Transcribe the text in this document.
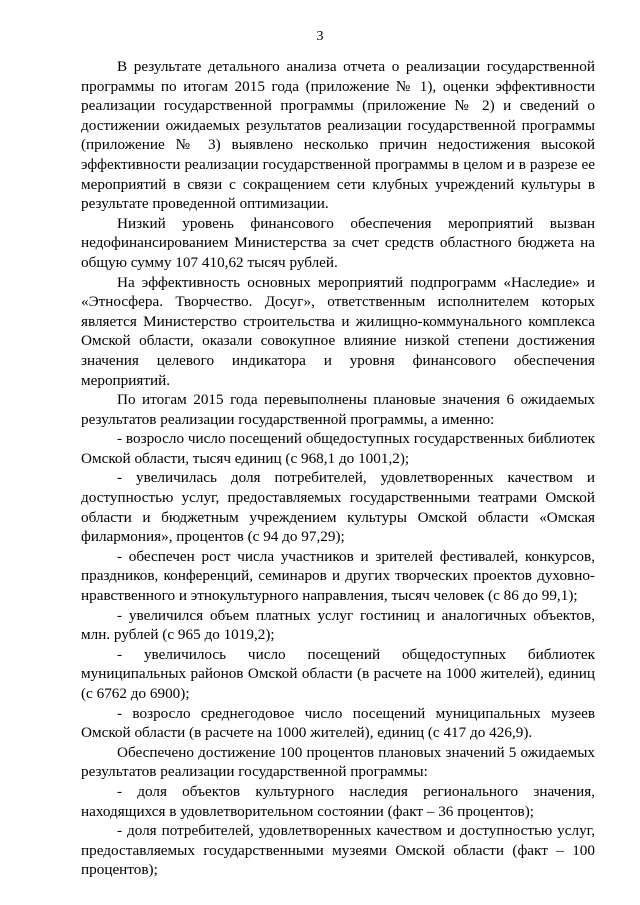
3

В результате детального анализа отчета о реализации государственной программы по итогам 2015 года (приложение № 1), оценки эффективности реализации государственной программы (приложение № 2) и сведений о достижении ожидаемых результатов реализации государственной программы (приложение № 3) выявлено несколько причин недостижения высокой эффективности реализации государственной программы в целом и в разрезе ее мероприятий в связи с сокращением сети клубных учреждений культуры в результате проведенной оптимизации.

Низкий уровень финансового обеспечения мероприятий вызван недофинансированием Министерства за счет средств областного бюджета на общую сумму 107 410,62 тысяч рублей.

На эффективность основных мероприятий подпрограмм «Наследие» и «Этносфера. Творчество. Досуг», ответственным исполнителем которых является Министерство строительства и жилищно-коммунального комплекса Омской области, оказали совокупное влияние низкой степени достижения значения целевого индикатора и уровня финансового обеспечения мероприятий.

По итогам 2015 года перевыполнены плановые значения 6 ожидаемых результатов реализации государственной программы, а именно:

- возросло число посещений общедоступных государственных библиотек Омской области, тысяч единиц (с 968,1 до 1001,2);

- увеличилась доля потребителей, удовлетворенных качеством и доступностью услуг, предоставляемых государственными театрами Омской области и бюджетным учреждением культуры Омской области «Омская филармония», процентов (с 94 до 97,29);

- обеспечен рост числа участников и зрителей фестивалей, конкурсов, праздников, конференций, семинаров и других творческих проектов духовно-нравственного и этнокультурного направления, тысяч человек (с 86 до 99,1);

- увеличился объем платных услуг гостиниц и аналогичных объектов, млн. рублей (с 965 до 1019,2);

- увеличилось число посещений общедоступных библиотек муниципальных районов Омской области (в расчете на 1000 жителей), единиц (с 6762 до 6900);

- возросло среднегодовое число посещений муниципальных музеев Омской области (в расчете на 1000 жителей), единиц (с 417 до 426,9).

Обеспечено достижение 100 процентов плановых значений 5 ожидаемых результатов реализации государственной программы:

- доля объектов культурного наследия регионального значения, находящихся в удовлетворительном состоянии (факт – 36 процентов);

- доля потребителей, удовлетворенных качеством и доступностью услуг, предоставляемых государственными музеями Омской области (факт – 100 процентов);
